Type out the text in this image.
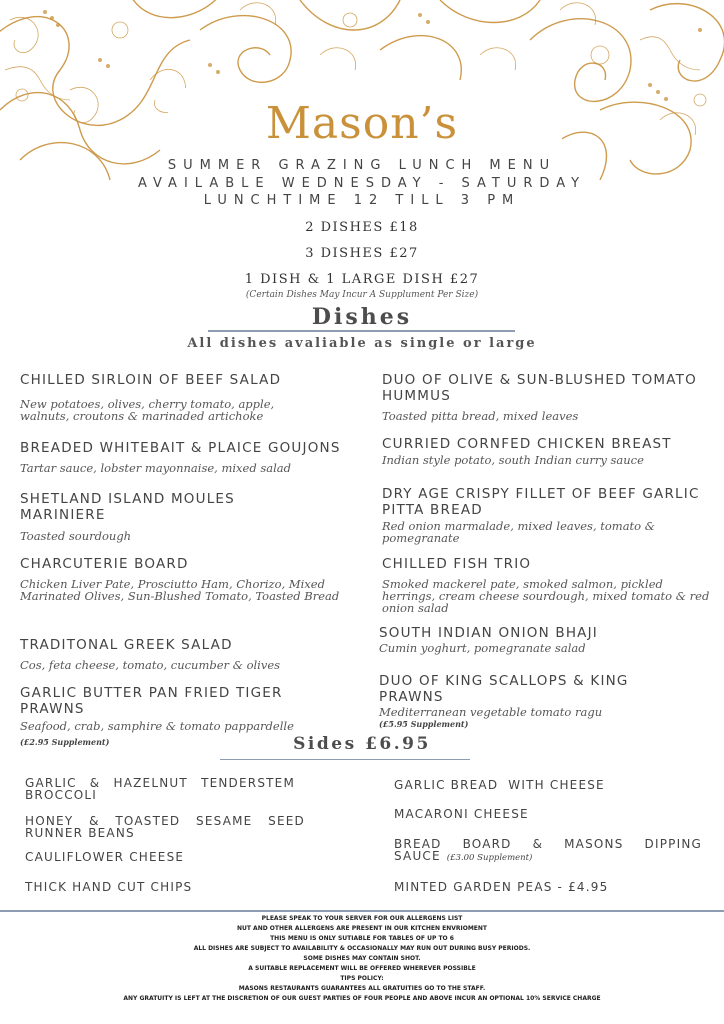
Mason’s
SUMMER GRAZING LUNCH MENU
AVAILABLE WEDNESDAY - SATURDAY
LUNCHTIME 12 TILL 3 PM
2 DISHES £18
3 DISHES £27
1 DISH & 1 LARGE DISH £27
(Certain Dishes May Incur A Supplument Per Size)
Dishes
All dishes avaliable as single or large
CHILLED SIRLOIN OF BEEF SALAD
New potatoes, olives, cherry tomato, apple, walnuts, croutons & marinaded artichoke
BREADED WHITEBAIT & PLAICE GOUJONS
Tartar sauce, lobster mayonnaise, mixed salad
SHETLAND ISLAND MOULES MARINIERE
Toasted sourdough
CHARCUTERIE BOARD
Chicken Liver Pate, Prosciutto Ham, Chorizo, Mixed Marinated Olives, Sun-Blushed Tomato, Toasted Bread
TRADITONAL GREEK SALAD
Cos, feta cheese, tomato, cucumber & olives
GARLIC BUTTER PAN FRIED TIGER PRAWNS
Seafood, crab, samphire & tomato pappardelle
(£2.95 Supplement)
DUO OF OLIVE & SUN-BLUSHED TOMATO HUMMUS
Toasted pitta bread, mixed leaves
CURRIED CORNFED CHICKEN BREAST
Indian style potato, south Indian curry sauce
DRY AGE CRISPY FILLET OF BEEF GARLIC PITTA BREAD
Red onion marmalade, mixed leaves, tomato & pomegranate
CHILLED FISH TRIO
Smoked mackerel pate, smoked salmon, pickled herrings, cream cheese sourdough, mixed tomato & red onion salad
SOUTH INDIAN ONION BHAJI
Cumin yoghurt, pomegranate salad
DUO OF KING SCALLOPS & KING PRAWNS
Mediterranean vegetable tomato ragu
(£5.95 Supplement)
Sides £6.95
GARLIC & HAZELNUT TENDERSTEM BROCCOLI
HONEY & TOASTED SESAME SEED RUNNER BEANS
CAULIFLOWER CHEESE
THICK HAND CUT CHIPS
GARLIC BREAD  WITH CHEESE
MACARONI CHEESE
BREAD BOARD & MASONS DIPPING SAUCE (£3.00 Supplement)
MINTED GARDEN PEAS - £4.95
PLEASE SPEAK TO YOUR SERVER FOR OUR ALLERGENS LIST
NUT AND OTHER ALLERGENS ARE PRESENT IN OUR KITCHEN ENVRIOMENT
THIS MENU IS ONLY SUTIABLE FOR TABLES OF UP TO 6
ALL DISHES ARE SUBJECT TO AVAILABILITY & OCCASIONALLY MAY RUN OUT DURING BUSY PERIODS.
SOME DISHES MAY CONTAIN SHOT.
A SUITABLE REPLACEMENT WILL BE OFFERED WHEREVER POSSIBLE
TIPS POLICY:
MASONS RESTAURANTS GUARANTEES ALL GRATUITIES GO TO THE STAFF.
ANY GRATUITY IS LEFT AT THE DISCRETION OF OUR GUEST PARTIES OF FOUR PEOPLE AND ABOVE INCUR AN OPTIONAL 10% SERVICE CHARGE
